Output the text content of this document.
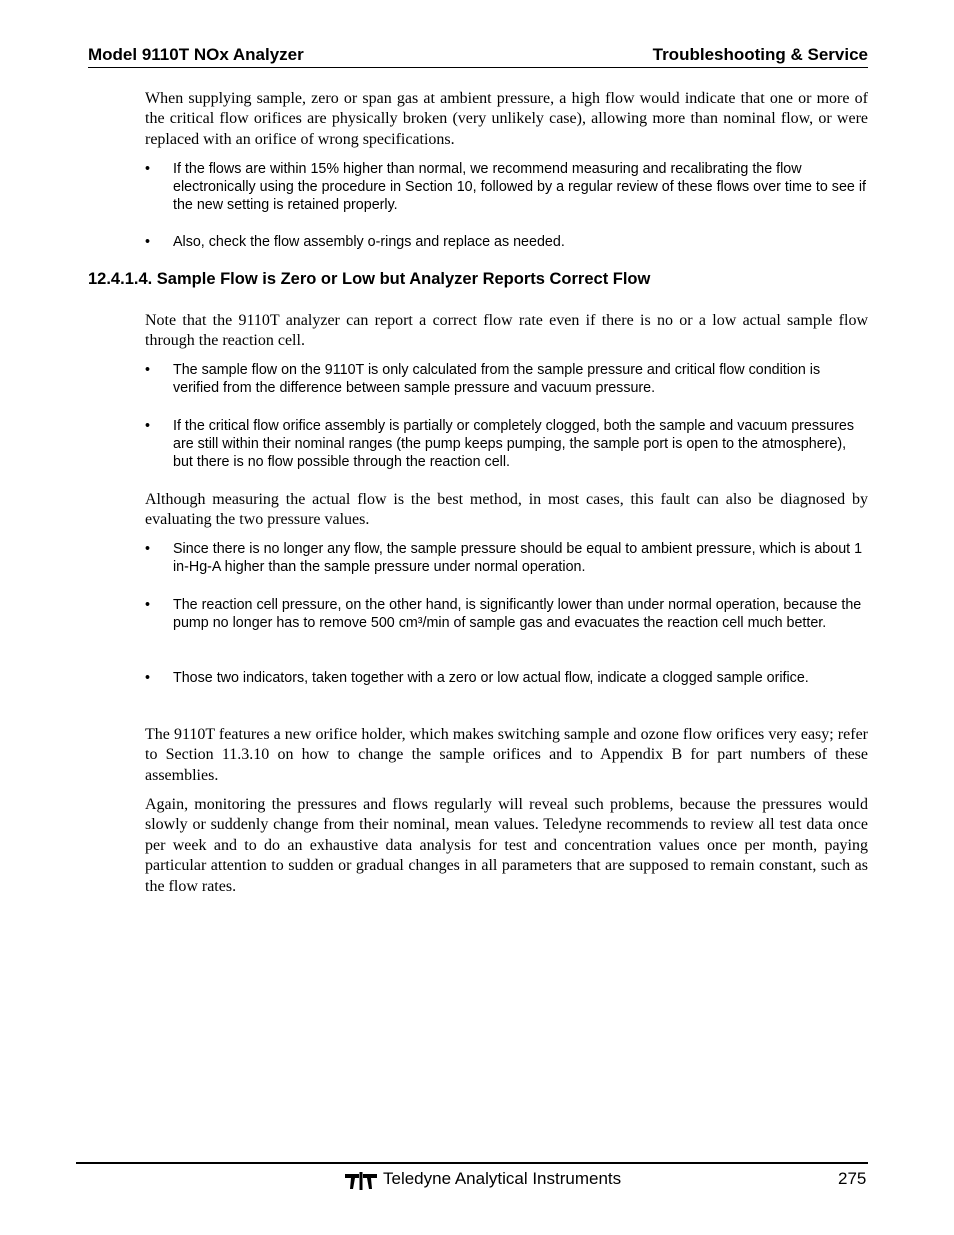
Model 9110T NOx Analyzer	Troubleshooting & Service

When supplying sample, zero or span gas at ambient pressure, a high flow would indicate that one or more of the critical flow orifices are physically broken (very unlikely case), allowing more than nominal flow, or were replaced with an orifice of wrong specifications.

•	If the flows are within 15% higher than normal, we recommend measuring and recalibrating the flow electronically using the procedure in Section 10, followed by a regular review of these flows over time to see if the new setting is retained properly.
•	Also, check the flow assembly o-rings and replace as needed.
12.4.1.4. Sample Flow is Zero or Low but Analyzer Reports Correct Flow

Note that the 9110T analyzer can report a correct flow rate even if there is no or a low actual sample flow through the reaction cell.

•	The sample flow on the 9110T is only calculated from the sample pressure and critical flow condition is verified from the difference between sample pressure and vacuum pressure.
•	If the critical flow orifice assembly is partially or completely clogged, both the sample and vacuum pressures are still within their nominal ranges (the pump keeps pumping, the sample port is open to the atmosphere), but there is no flow possible through the reaction cell.

Although measuring the actual flow is the best method, in most cases, this fault can also be diagnosed by evaluating the two pressure values.

•	Since there is no longer any flow, the sample pressure should be equal to ambient pressure, which is about 1 in-Hg-A higher than the sample pressure under normal operation.
•	The reaction cell pressure, on the other hand, is significantly lower than under normal operation, because the pump no longer has to remove 500 cm³/min of sample gas and evacuates the reaction cell much better.
•	Those two indicators, taken together with a zero or low actual flow, indicate a clogged sample orifice.

The 9110T features a new orifice holder, which makes switching sample and ozone flow orifices very easy; refer to Section 11.3.10 on how to change the sample orifices and to Appendix B for part numbers of these assemblies.

Again, monitoring the pressures and flows regularly will reveal such problems, because the pressures would slowly or suddenly change from their nominal, mean values. Teledyne recommends to review all test data once per week and to do an exhaustive data analysis for test and concentration values once per month, paying particular attention to sudden or gradual changes in all parameters that are supposed to remain constant, such as the flow rates.

Teledyne Analytical Instruments	275
